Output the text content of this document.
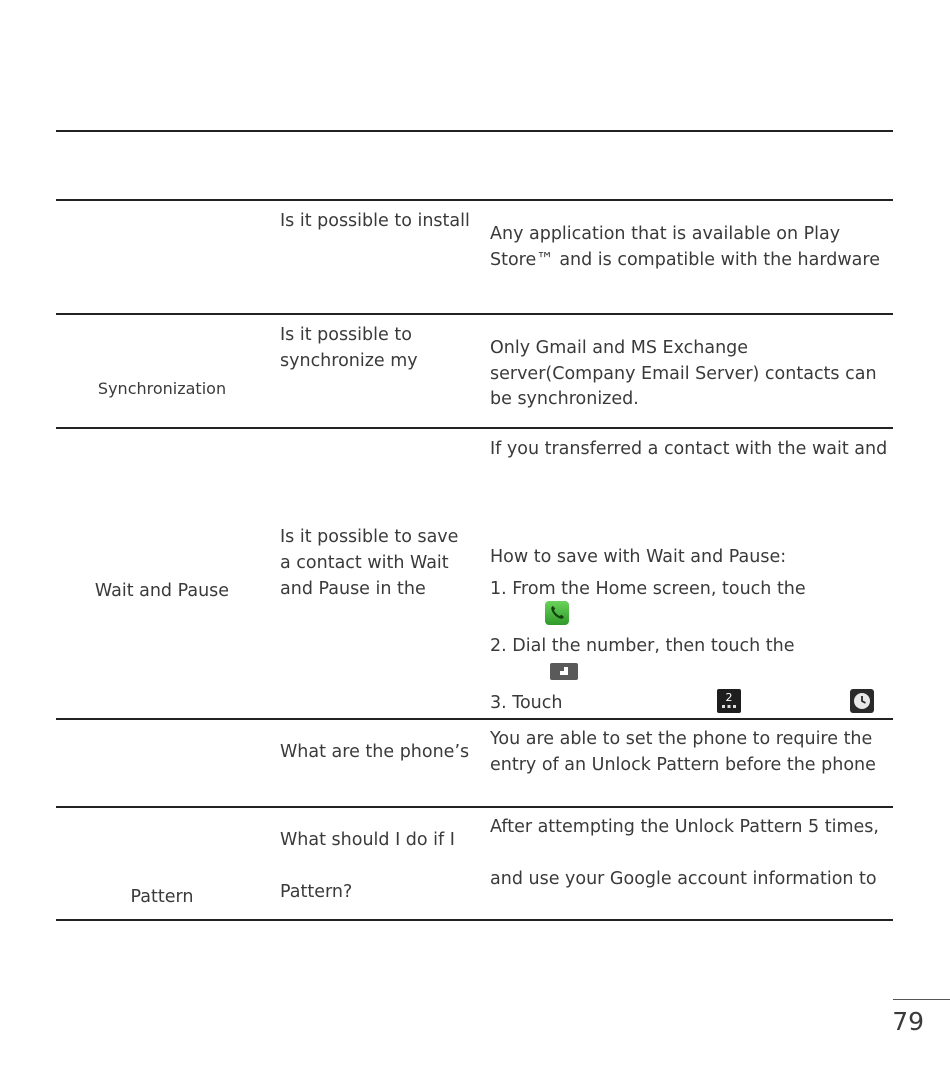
Is it possible to install
Any application that is available on Play
Store™ and is compatible with the hardware
Synchronization
Is it possible to
synchronize my
Only Gmail and MS Exchange
server(Company Email Server) contacts can
be synchronized.
Wait and Pause
Is it possible to save
a contact with Wait
and Pause in the
If you transferred a contact with the wait and
How to save with Wait and Pause:
1. From the Home screen, touch the
2. Dial the number, then touch the
3. Touch	2
What are the phone’s
You are able to set the phone to require the
entry of an Unlock Pattern before the phone
Pattern
What should I do if I
Pattern?
After attempting the Unlock Pattern 5 times,
and use your Google account information to
79
